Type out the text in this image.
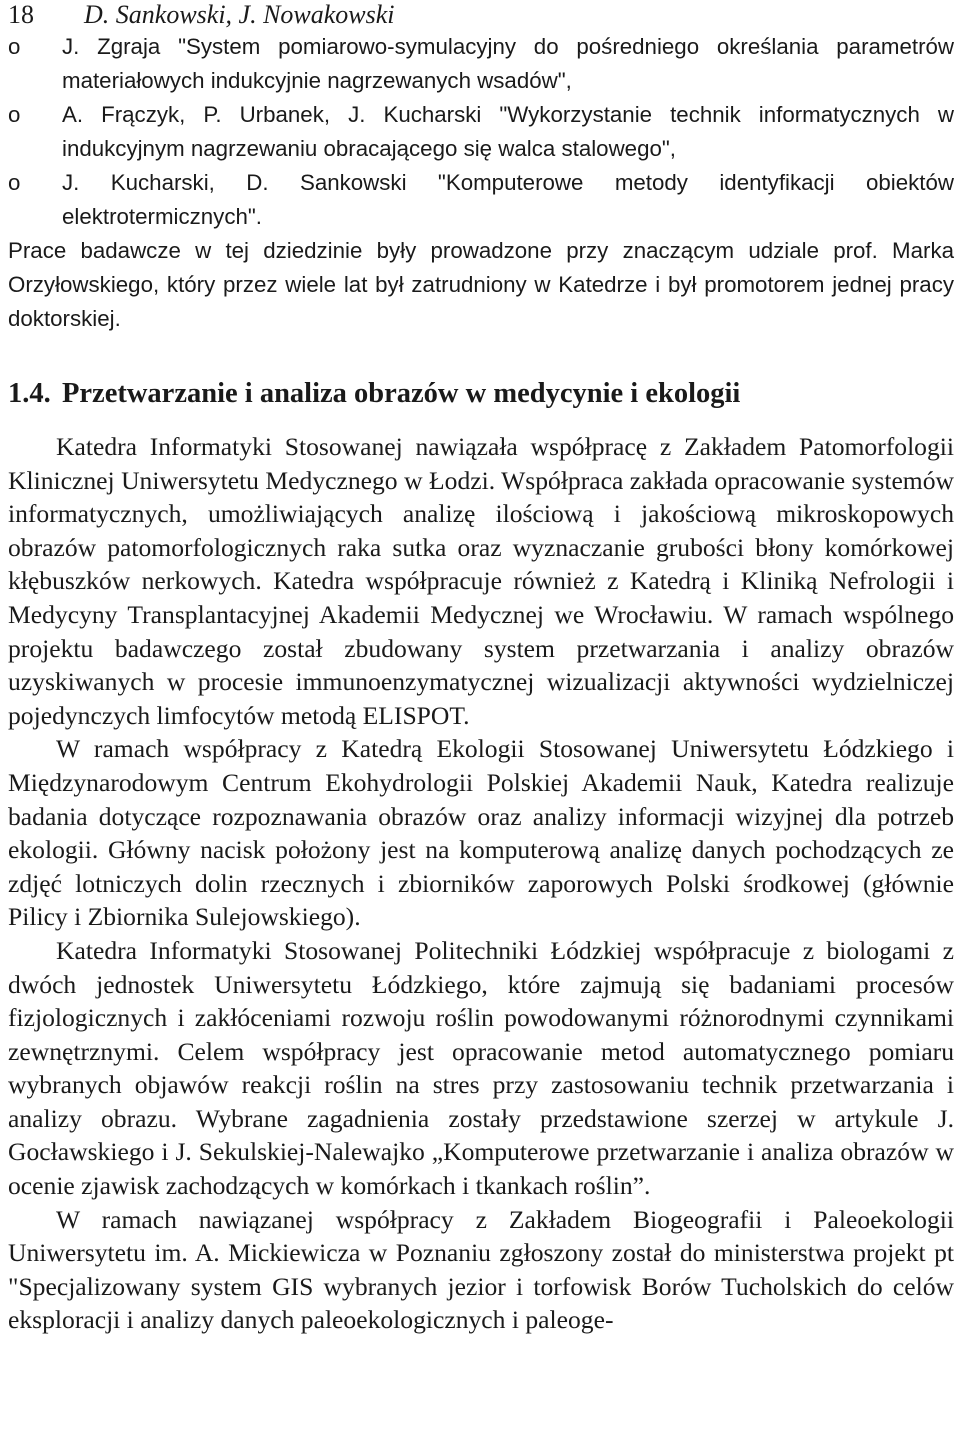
18	D. Sankowski, J. Nowakowski
o J. Zgraja "System pomiarowo-symulacyjny do pośredniego określania parametrów materiałowych indukcyjnie nagrzewanych wsadów",
o A. Frączyk, P. Urbanek, J. Kucharski "Wykorzystanie technik informatycznych w indukcyjnym nagrzewaniu obracającego się walca stalowego",
o J. Kucharski, D. Sankowski "Komputerowe metody identyfikacji obiektów elektrotermicznych".

Prace badawcze w tej dziedzinie były prowadzone przy znaczącym udziale prof. Marka Orzyłowskiego, który przez wiele lat był zatrudniony w Katedrze i był promotorem jednej pracy doktorskiej.

1.4. Przetwarzanie i analiza obrazów w medycynie i ekologii

Katedra Informatyki Stosowanej nawiązała współpracę z Zakładem Patomorfologii Klinicznej Uniwersytetu Medycznego w Łodzi. Współpraca zakłada opracowanie systemów informatycznych, umożliwiających analizę ilościową i jakościową mikroskopowych obrazów patomorfologicznych raka sutka oraz wyznaczanie grubości błony komórkowej kłębuszków nerkowych. Katedra współpracuje również z Katedrą i Kliniką Nefrologii i Medycyny Transplantacyjnej Akademii Medycznej we Wrocławiu. W ramach wspólnego projektu badawczego został zbudowany system przetwarzania i analizy obrazów uzyskiwanych w procesie immunoenzymatycznej wizualizacji aktywności wydzielniczej pojedynczych limfocytów metodą ELISPOT.

W ramach współpracy z Katedrą Ekologii Stosowanej Uniwersytetu Łódzkiego i Międzynarodowym Centrum Ekohydrologii Polskiej Akademii Nauk, Katedra realizuje badania dotyczące rozpoznawania obrazów oraz analizy informacji wizyjnej dla potrzeb ekologii. Główny nacisk położony jest na komputerową analizę danych pochodzących ze zdjęć lotniczych dolin rzecznych i zbiorników zaporowych Polski środkowej (głównie Pilicy i Zbiornika Sulejowskiego).

Katedra Informatyki Stosowanej Politechniki Łódzkiej współpracuje z biologami z dwóch jednostek Uniwersytetu Łódzkiego, które zajmują się badaniami procesów fizjologicznych i zakłóceniami rozwoju roślin powodowanymi różnorodnymi czynnikami zewnętrznymi. Celem współpracy jest opracowanie metod automatycznego pomiaru wybranych objawów reakcji roślin na stres przy zastosowaniu technik przetwarzania i analizy obrazu. Wybrane zagadnienia zostały przedstawione szerzej w artykule J. Gocławskiego i J. Sekulskiej-Nalewajko „Komputerowe przetwarzanie i analiza obrazów w ocenie zjawisk zachodzących w komórkach i tkankach roślin”.

W ramach nawiązanej współpracy z Zakładem Biogeografii i Paleoekologii Uniwersytetu im. A. Mickiewicza w Poznaniu zgłoszony został do ministerstwa projekt pt "Specjalizowany system GIS wybranych jezior i torfowisk Borów Tucholskich do celów eksploracji i analizy danych paleoekologicznych i paleoge-
